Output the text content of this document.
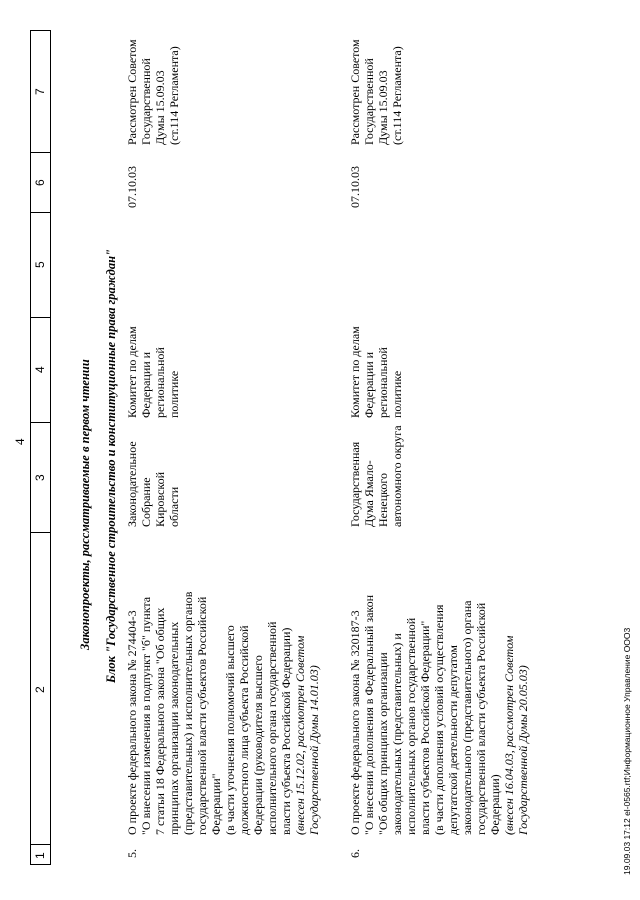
4
1
2
3
4
5
6
7
Законопроекты, рассматриваемые в первом чтении Блок "Государственное строительство и конституционные права граждан"
5.
О проекте федерального закона № 274404-3 "О внесении изменения в подпункт "б" пункта 7 статьи 18 Федерального закона "Об общих принципах организации законодательных (представительных) и исполнительных органов государственной власти субъектов Российской Федерации" (в части уточнения полномочий высшего должностного лица субъекта Российской Федерации (руководителя высшего исполнительного органа государственной власти субъекта Российской Федерации) (внесен 15.12.02, рассмотрен Советом Государственной Думы 14.01.03)
Законодательное Собрание Кировской области
Комитет по делам Федерации и региональной политике
07.10.03
Рассмотрен Советом Государственной Думы 15.09.03 (ст.114 Регламента)
6.
О проекте федерального закона № 320187-3 "О внесении дополнения в Федеральный закон "Об общих принципах организации законодательных (представительных) и исполнительных органов государственной власти субъектов Российской Федерации" (в части дополнения условий осуществления депутатской деятельности депутатом законодательного (представительного) органа государственной власти субъекта Российской Федерации) (внесен 16.04.03, рассмотрен Советом Государственной Думы 20.05.03)
Государственная Дума Ямало- Ненецкого автономного округа
Комитет по делам Федерации и региональной политике
07.10.03
Рассмотрен Советом Государственной Думы 15.09.03 (ст.114 Регламента)
19.09.03 17:12 el-0565.rtf;Информационное Управление ООО3
